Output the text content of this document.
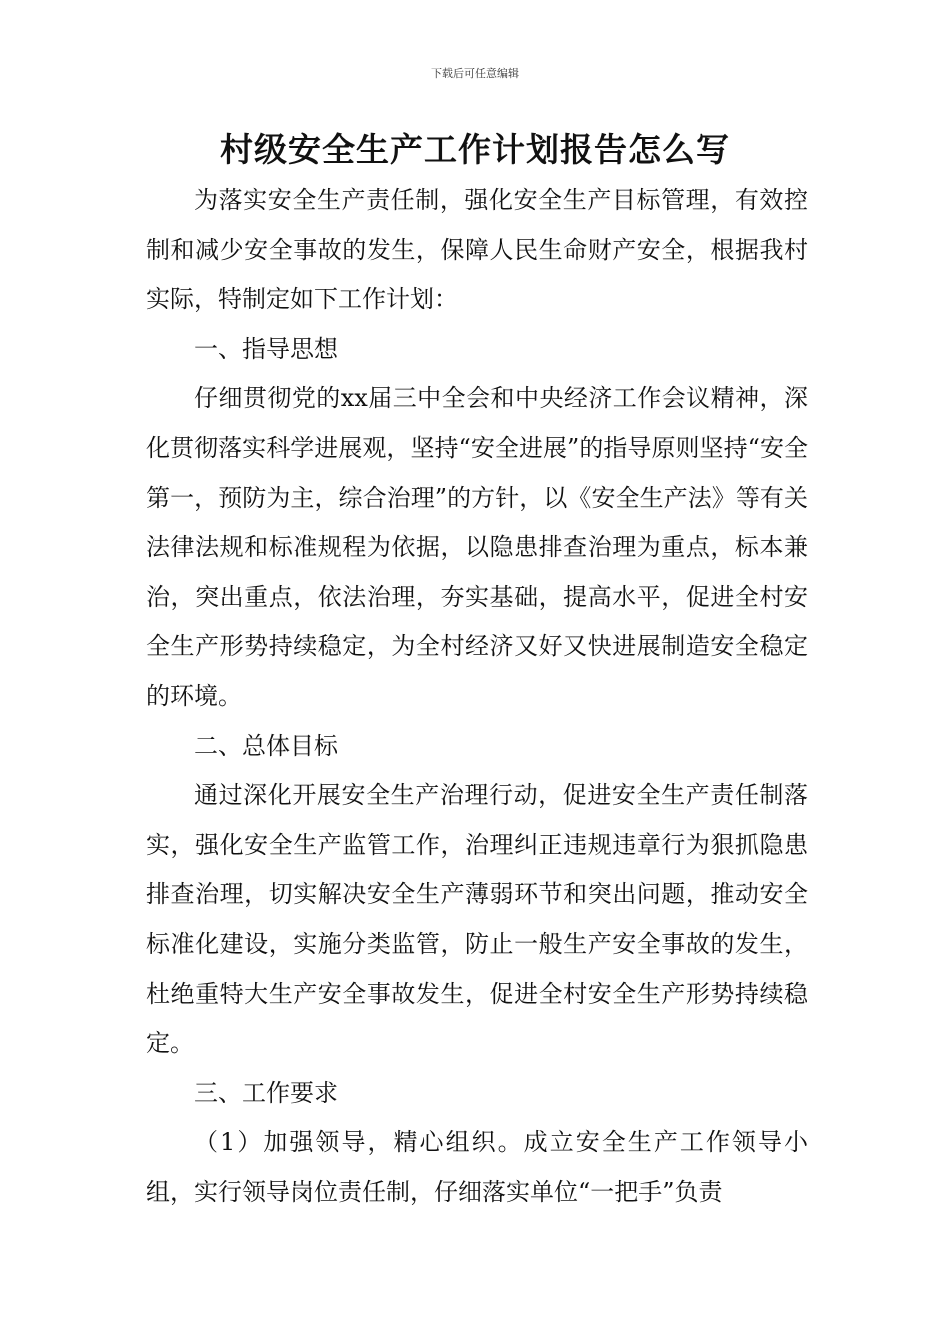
下载后可任意编辑
村级安全生产工作计划报告怎么写

为落实安全生产责任制，强化安全生产目标管理，有效控制和减少安全事故的发生，保障人民生命财产安全，根据我村实际，特制定如下工作计划：

一、指导思想

仔细贯彻党的xx届三中全会和中央经济工作会议精神，深化贯彻落实科学进展观，坚持“安全进展”的指导原则坚持“安全第一，预防为主，综合治理”的方针，以《安全生产法》等有关法律法规和标准规程为依据，以隐患排查治理为重点，标本兼治，突出重点，依法治理，夯实基础，提高水平，促进全村安全生产形势持续稳定，为全村经济又好又快进展制造安全稳定的环境。

二、总体目标

通过深化开展安全生产治理行动，促进安全生产责任制落实，强化安全生产监管工作，治理纠正违规违章行为狠抓隐患排查治理，切实解决安全生产薄弱环节和突出问题，推动安全标准化建设，实施分类监管，防止一般生产安全事故的发生，杜绝重特大生产安全事故发生，促进全村安全生产形势持续稳定。

三、工作要求

（1）加强领导，精心组织。成立安全生产工作领导小组，实行领导岗位责任制，仔细落实单位“一把手”负责
